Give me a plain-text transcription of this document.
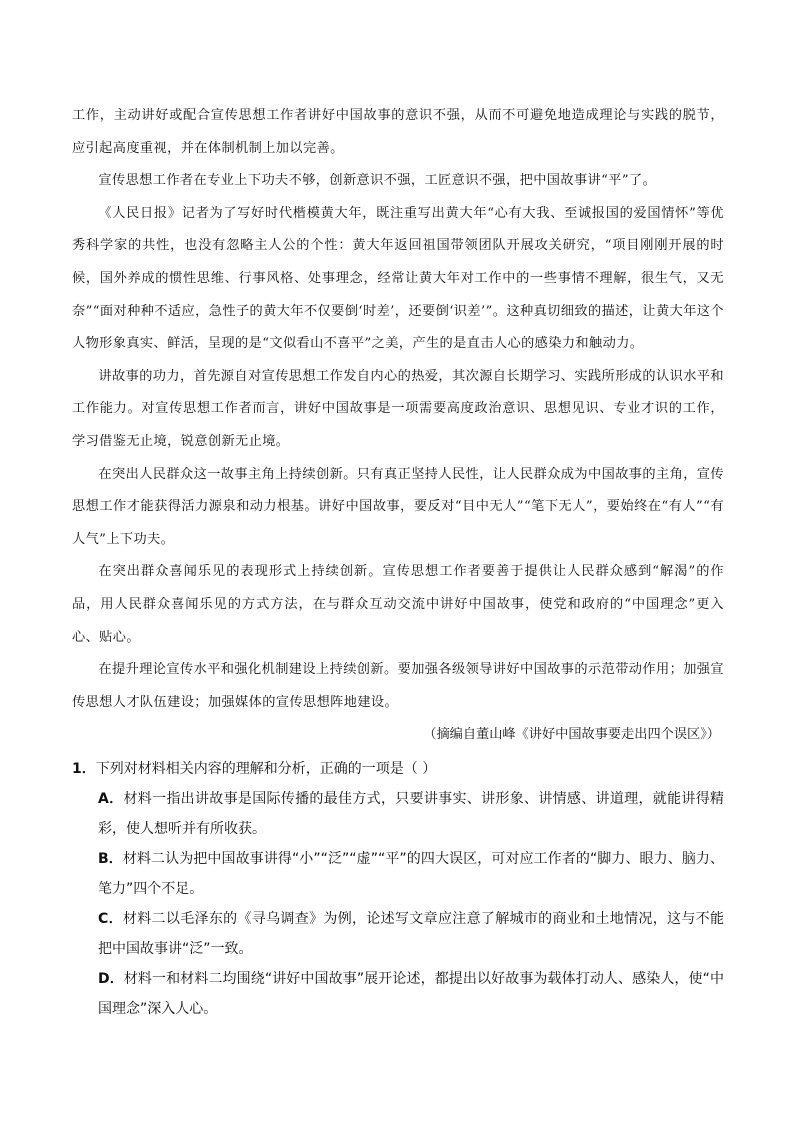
工作，主动讲好或配合宣传思想工作者讲好中国故事的意识不强，从而不可避免地造成理论与实践的脱节，应引起高度重视，并在体制机制上加以完善。

宣传思想工作者在专业上下功夫不够，创新意识不强，工匠意识不强，把中国故事讲“平”了。

《人民日报》记者为了写好时代楷模黄大年，既注重写出黄大年“心有大我、至诚报国的爱国情怀”等优秀科学家的共性，也没有忽略主人公的个性：黄大年返回祖国带领团队开展攻关研究，“项目刚刚开展的时候，国外养成的惯性思维、行事风格、处事理念，经常让黄大年对工作中的一些事情不理解，很生气，又无奈”“面对种种不适应，急性子的黄大年不仅要倒‘时差’，还要倒‘识差’”。这种真切细致的描述，让黄大年这个人物形象真实、鲜活，呈现的是“文似看山不喜平”之美，产生的是直击人心的感染力和触动力。

讲故事的功力，首先源自对宣传思想工作发自内心的热爱，其次源自长期学习、实践所形成的认识水平和工作能力。对宣传思想工作者而言，讲好中国故事是一项需要高度政治意识、思想见识、专业才识的工作，学习借鉴无止境，锐意创新无止境。

在突出人民群众这一故事主角上持续创新。只有真正坚持人民性，让人民群众成为中国故事的主角，宣传思想工作才能获得活力源泉和动力根基。讲好中国故事，要反对“目中无人”“笔下无人”，要始终在“有人”“有人气”上下功夫。

在突出群众喜闻乐见的表现形式上持续创新。宣传思想工作者要善于提供让人民群众感到“解渴”的作品，用人民群众喜闻乐见的方式方法，在与群众互动交流中讲好中国故事，使党和政府的“中国理念”更入心、贴心。

在提升理论宣传水平和强化机制建设上持续创新。要加强各级领导讲好中国故事的示范带动作用；加强宣传思想人才队伍建设；加强媒体的宣传思想阵地建设。

（摘编自董山峰《讲好中国故事要走出四个误区》）

1．下列对材料相关内容的理解和分析，正确的一项是（ ）

A．材料一指出讲故事是国际传播的最佳方式，只要讲事实、讲形象、讲情感、讲道理，就能讲得精彩，使人想听并有所收获。

B．材料二认为把中国故事讲得“小”“泛”“虚”“平”的四大误区，可对应工作者的“脚力、眼力、脑力、笔力”四个不足。

C．材料二以毛泽东的《寻乌调查》为例，论述写文章应注意了解城市的商业和土地情况，这与不能把中国故事讲“泛”一致。

D．材料一和材料二均围绕“讲好中国故事”展开论述，都提出以好故事为载体打动人、感染人，使“中国理念”深入人心。
